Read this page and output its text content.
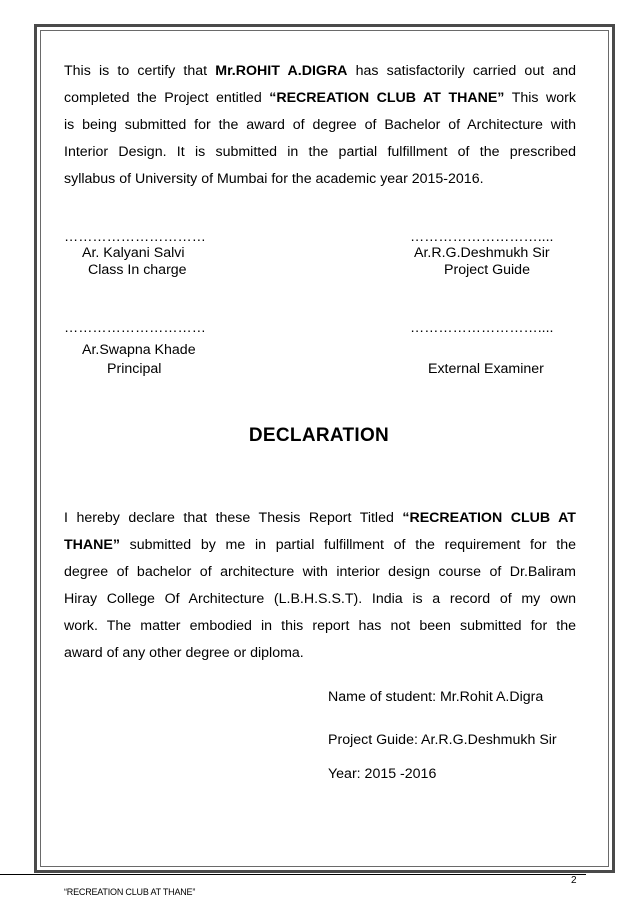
This is to certify that Mr.ROHIT A.DIGRA has satisfactorily carried out and
completed the Project entitled “RECREATION CLUB AT THANE” This work
is being submitted for the award of degree of Bachelor of Architecture with
Interior Design. It is submitted in the partial fulfillment of the prescribed
syllabus of University of Mumbai for the academic year 2015-2016.
…………………………	………………………....
Ar. Kalyani Salvi	Ar.R.G.Deshmukh Sir
Class In charge	Project Guide
…………………………	………………………....
Ar.Swapna Khade
Principal	External Examiner
DECLARATION
I hereby declare that these Thesis Report Titled “RECREATION CLUB AT
THANE” submitted by me in partial fulfillment of the requirement for the
degree of bachelor of architecture with interior design course of Dr.Baliram
Hiray College Of Architecture (L.B.H.S.S.T). India is a record of my own
work. The matter embodied in this report has not been submitted for the
award of any other degree or diploma.
Name of student: Mr.Rohit A.Digra
Project Guide: Ar.R.G.Deshmukh Sir
Year: 2015 -2016
2
“RECREATION CLUB AT THANE”
